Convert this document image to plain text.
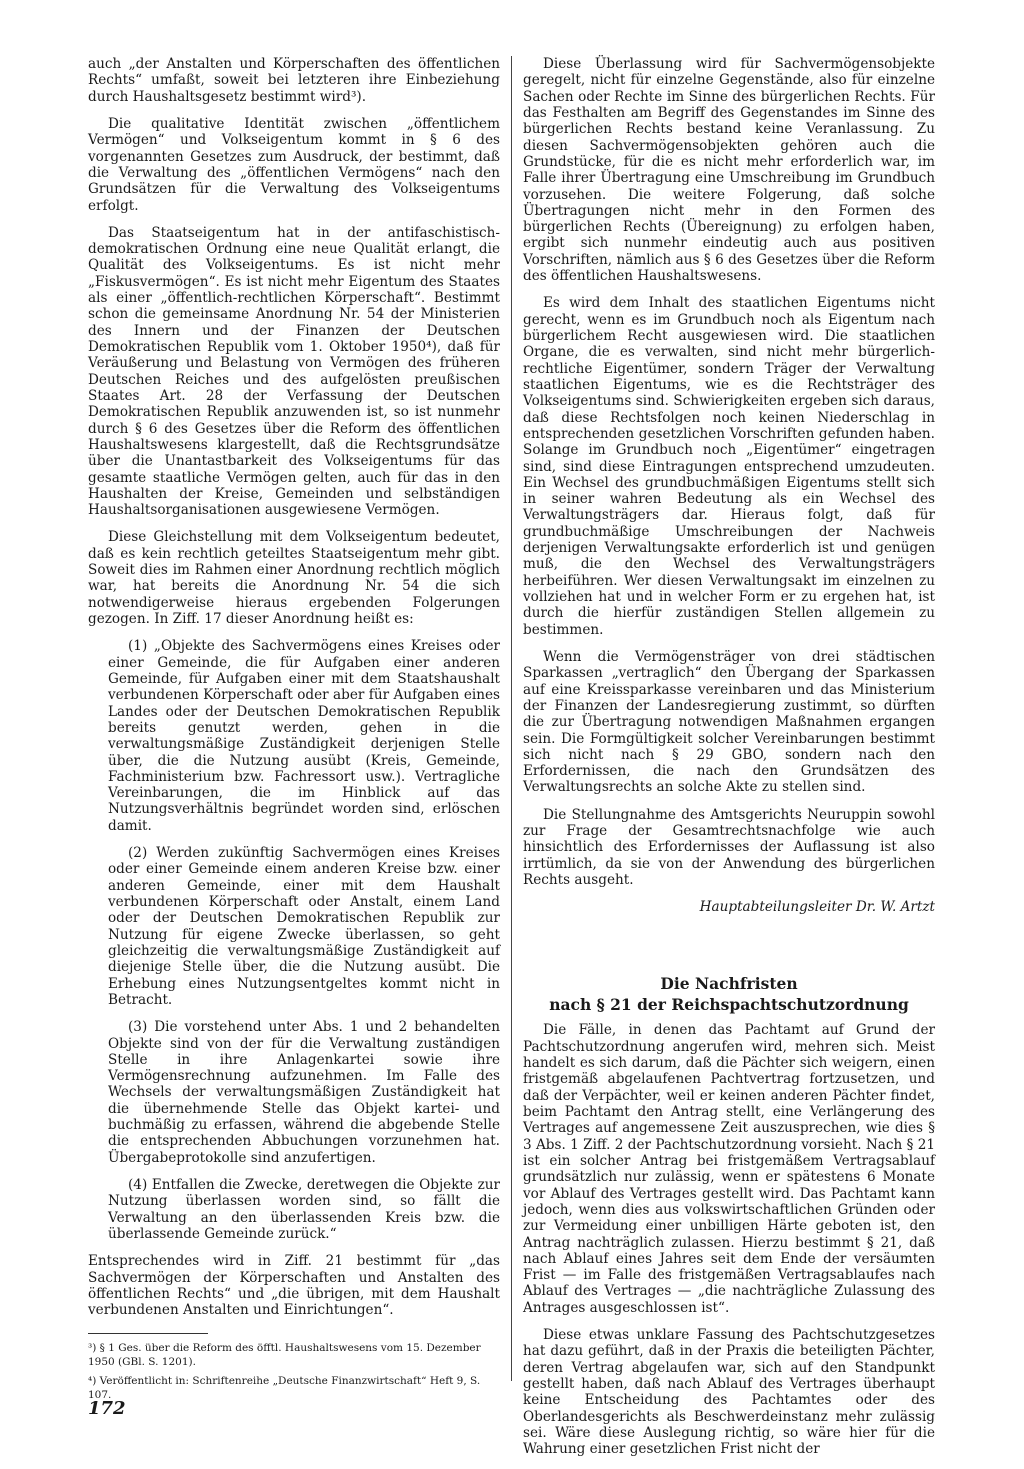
auch „der Anstalten und Körperschaften des öffentlichen Rechts“ umfaßt, soweit bei letzteren ihre Einbeziehung durch Haushaltsgesetz bestimmt wird³).

Die qualitative Identität zwischen „öffentlichem Vermögen“ und Volkseigentum kommt in § 6 des vorgenannten Gesetzes zum Ausdruck, der bestimmt, daß die Verwaltung des „öffentlichen Vermögens“ nach den Grundsätzen für die Verwaltung des Volkseigentums erfolgt.

Das Staatseigentum hat in der antifaschistisch-demokratischen Ordnung eine neue Qualität erlangt, die Qualität des Volkseigentums. Es ist nicht mehr „Fiskusvermögen“. Es ist nicht mehr Eigentum des Staates als einer „öffentlich-rechtlichen Körperschaft“. Bestimmt schon die gemeinsame Anordnung Nr. 54 der Ministerien des Innern und der Finanzen der Deutschen Demokratischen Republik vom 1. Oktober 1950⁴), daß für Veräußerung und Belastung von Vermögen des früheren Deutschen Reiches und des aufgelösten preußischen Staates Art. 28 der Verfassung der Deutschen Demokratischen Republik anzuwenden ist, so ist nunmehr durch § 6 des Gesetzes über die Reform des öffentlichen Haushaltswesens klargestellt, daß die Rechtsgrundsätze über die Unantastbarkeit des Volkseigentums für das gesamte staatliche Vermögen gelten, auch für das in den Haushalten der Kreise, Gemeinden und selbständigen Haushaltsorganisationen ausgewiesene Vermögen.

Diese Gleichstellung mit dem Volkseigentum bedeutet, daß es kein rechtlich geteiltes Staatseigentum mehr gibt. Soweit dies im Rahmen einer Anordnung rechtlich möglich war, hat bereits die Anordnung Nr. 54 die sich notwendigerweise hieraus ergebenden Folgerungen gezogen. In Ziff. 17 dieser Anordnung heißt es:

(1) „Objekte des Sachvermögens eines Kreises oder einer Gemeinde, die für Aufgaben einer anderen Gemeinde, für Aufgaben einer mit dem Staatshaushalt verbundenen Körperschaft oder aber für Aufgaben eines Landes oder der Deutschen Demokratischen Republik bereits genutzt werden, gehen in die verwaltungsmäßige Zuständigkeit derjenigen Stelle über, die die Nutzung ausübt (Kreis, Gemeinde, Fachministerium bzw. Fachressort usw.). Vertragliche Vereinbarungen, die im Hinblick auf das Nutzungsverhältnis begründet worden sind, erlöschen damit.

(2) Werden zukünftig Sachvermögen eines Kreises oder einer Gemeinde einem anderen Kreise bzw. einer anderen Gemeinde, einer mit dem Haushalt verbundenen Körperschaft oder Anstalt, einem Land oder der Deutschen Demokratischen Republik zur Nutzung für eigene Zwecke überlassen, so geht gleichzeitig die verwaltungsmäßige Zuständigkeit auf diejenige Stelle über, die die Nutzung ausübt. Die Erhebung eines Nutzungsentgeltes kommt nicht in Betracht.

(3) Die vorstehend unter Abs. 1 und 2 behandelten Objekte sind von der für die Verwaltung zuständigen Stelle in ihre Anlagenkartei sowie ihre Vermögensrechnung aufzunehmen. Im Falle des Wechsels der verwaltungsmäßigen Zuständigkeit hat die übernehmende Stelle das Objekt kartei- und buchmäßig zu erfassen, während die abgebende Stelle die entsprechenden Abbuchungen vorzunehmen hat. Übergabeprotokolle sind anzufertigen.

(4) Entfallen die Zwecke, deretwegen die Objekte zur Nutzung überlassen worden sind, so fällt die Verwaltung an den überlassenden Kreis bzw. die überlassende Gemeinde zurück.“

Entsprechendes wird in Ziff. 21 bestimmt für „das Sachvermögen der Körperschaften und Anstalten des öffentlichen Rechts“ und „die übrigen, mit dem Haushalt verbundenen Anstalten und Einrichtungen“.

³) § 1 Ges. über die Reform des öfftl. Haushaltswesens vom 15. Dezember 1950 (GBl. S. 1201).

⁴) Veröffentlicht in: Schriftenreihe „Deutsche Finanzwirtschaft“ Heft 9, S. 107.

Diese Überlassung wird für Sachvermögensobjekte geregelt, nicht für einzelne Gegenstände, also für einzelne Sachen oder Rechte im Sinne des bürgerlichen Rechts. Für das Festhalten am Begriff des Gegenstandes im Sinne des bürgerlichen Rechts bestand keine Veranlassung. Zu diesen Sachvermögensobjekten gehören auch die Grundstücke, für die es nicht mehr erforderlich war, im Falle ihrer Übertragung eine Umschreibung im Grundbuch vorzusehen. Die weitere Folgerung, daß solche Übertragungen nicht mehr in den Formen des bürgerlichen Rechts (Übereignung) zu erfolgen haben, ergibt sich nunmehr eindeutig auch aus positiven Vorschriften, nämlich aus § 6 des Gesetzes über die Reform des öffentlichen Haushaltswesens.

Es wird dem Inhalt des staatlichen Eigentums nicht gerecht, wenn es im Grundbuch noch als Eigentum nach bürgerlichem Recht ausgewiesen wird. Die staatlichen Organe, die es verwalten, sind nicht mehr bürgerlich-rechtliche Eigentümer, sondern Träger der Verwaltung staatlichen Eigentums, wie es die Rechtsträger des Volkseigentums sind. Schwierigkeiten ergeben sich daraus, daß diese Rechtsfolgen noch keinen Niederschlag in entsprechenden gesetzlichen Vorschriften gefunden haben. Solange im Grundbuch noch „Eigentümer“ eingetragen sind, sind diese Eintragungen entsprechend umzudeuten. Ein Wechsel des grundbuchmäßigen Eigentums stellt sich in seiner wahren Bedeutung als ein Wechsel des Verwaltungsträgers dar. Hieraus folgt, daß für grundbuchmäßige Umschreibungen der Nachweis derjenigen Verwaltungsakte erforderlich ist und genügen muß, die den Wechsel des Verwaltungsträgers herbeiführen. Wer diesen Verwaltungsakt im einzelnen zu vollziehen hat und in welcher Form er zu ergehen hat, ist durch die hierfür zuständigen Stellen allgemein zu bestimmen.

Wenn die Vermögensträger von drei städtischen Sparkassen „vertraglich“ den Übergang der Sparkassen auf eine Kreissparkasse vereinbaren und das Ministerium der Finanzen der Landesregierung zustimmt, so dürften die zur Übertragung notwendigen Maßnahmen ergangen sein. Die Formgültigkeit solcher Vereinbarungen bestimmt sich nicht nach § 29 GBO, sondern nach den Erfordernissen, die nach den Grundsätzen des Verwaltungsrechts an solche Akte zu stellen sind.

Die Stellungnahme des Amtsgerichts Neuruppin sowohl zur Frage der Gesamtrechtsnachfolge wie auch hinsichtlich des Erfordernisses der Auflassung ist also irrtümlich, da sie von der Anwendung des bürgerlichen Rechts ausgeht.

Hauptabteilungsleiter Dr. W. Artzt

Die Nachfristen
nach § 21 der Reichspachtschutzordnung

Die Fälle, in denen das Pachtamt auf Grund der Pachtschutzordnung angerufen wird, mehren sich. Meist handelt es sich darum, daß die Pächter sich weigern, einen fristgemäß abgelaufenen Pachtvertrag fortzusetzen, und daß der Verpächter, weil er keinen anderen Pächter findet, beim Pachtamt den Antrag stellt, eine Verlängerung des Vertrages auf angemessene Zeit auszusprechen, wie dies § 3 Abs. 1 Ziff. 2 der Pachtschutzordnung vorsieht. Nach § 21 ist ein solcher Antrag bei fristgemäßem Vertragsablauf grundsätzlich nur zulässig, wenn er spätestens 6 Monate vor Ablauf des Vertrages gestellt wird. Das Pachtamt kann jedoch, wenn dies aus volkswirtschaftlichen Gründen oder zur Vermeidung einer unbilligen Härte geboten ist, den Antrag nachträglich zulassen. Hierzu bestimmt § 21, daß nach Ablauf eines Jahres seit dem Ende der versäumten Frist — im Falle des fristgemäßen Vertragsablaufes nach Ablauf des Vertrages — „die nachträgliche Zulassung des Antrages ausgeschlossen ist“.

Diese etwas unklare Fassung des Pachtschutzgesetzes hat dazu geführt, daß in der Praxis die beteiligten Pächter, deren Vertrag abgelaufen war, sich auf den Standpunkt gestellt haben, daß nach Ablauf des Vertrages überhaupt keine Entscheidung des Pachtamtes oder des Oberlandesgerichts als Beschwerdeinstanz mehr zulässig sei. Wäre diese Auslegung richtig, so wäre hier für die Wahrung einer gesetzlichen Frist nicht der

172
